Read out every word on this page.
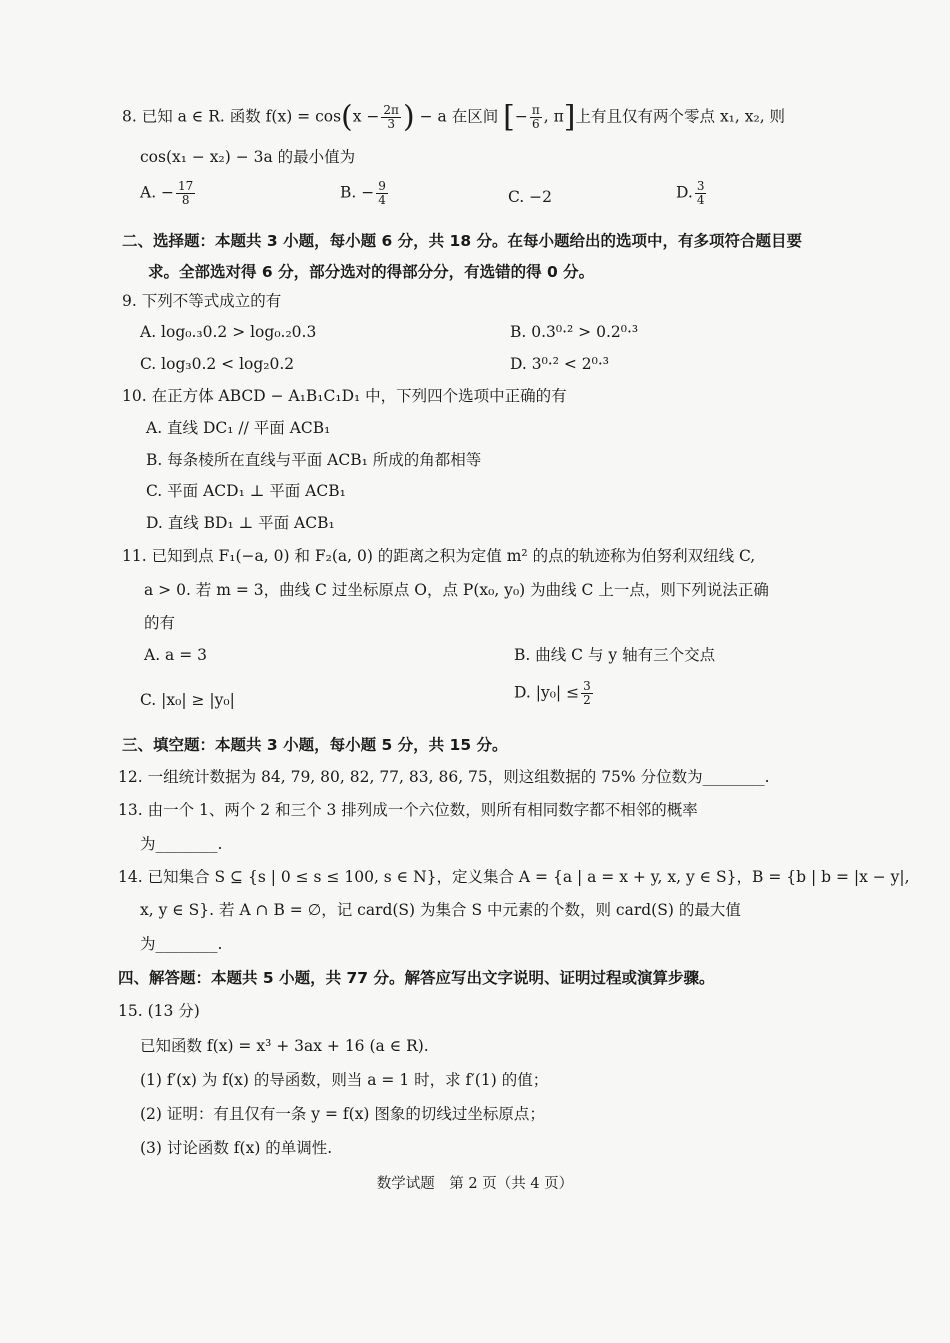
8. 已知 a ∈ R. 函数 $f(x) = \cos(x - \frac{2\pi}{3}$ ) − a 在区间 [− $\frac{\pi}{6}$ , π]上有且仅有两个零点 x₁, x₂, 则
cos(x₁ − x₂) − 3a 的最小值为
A. − $\frac{17}{8}$	B. − $\frac{9}{4}$	C. −2	D. $\frac{3}{4}$
二、选择题：本题共 3 小题，每小题 6 分，共 18 分。在每小题给出的选项中，有多项符合题目要
求。全部选对得 6 分，部分选对的得部分分，有选错的得 0 分。
9. 下列不等式成立的有
A. log₀.₃0.2 > log₀.₂0.3	B. 0.3⁰·² > 0.2⁰·³
C. log₃0.2 < log₂0.2	D. 3⁰·² < 2⁰·³
10. 在正方体 ABCD − A₁B₁C₁D₁ 中，下列四个选项中正确的有
A. 直线 DC₁ // 平面 ACB₁
B. 每条棱所在直线与平面 ACB₁ 所成的角都相等
C. 平面 ACD₁ ⊥ 平面 ACB₁
D. 直线 BD₁ ⊥ 平面 ACB₁
11. 已知到点 F₁(−a, 0) 和 F₂(a, 0) 的距离之积为定值 m² 的点的轨迹称为伯努利双纽线 C,
a > 0. 若 m = 3，曲线 C 过坐标原点 O，点 P(x₀, y₀) 为曲线 C 上一点，则下列说法正确
的有
A. a = 3	B. 曲线 C 与 y 轴有三个交点
C. |x₀| ≥ |y₀|	D. $|y_0| \le \frac{3}{2}$
三、填空题：本题共 3 小题，每小题 5 分，共 15 分。
12. 一组统计数据为 84, 79, 80, 82, 77, 83, 86, 75，则这组数据的 75% 分位数为________.
13. 由一个 1、两个 2 和三个 3 排列成一个六位数，则所有相同数字都不相邻的概率
为________.
14. 已知集合 S ⊆ {s | 0 ≤ s ≤ 100, s ∈ N}，定义集合 A = {a | a = x + y, x, y ∈ S}，B = {b | b = |x − y|,
x, y ∈ S}. 若 A ∩ B = ∅，记 card(S) 为集合 S 中元素的个数，则 card(S) 的最大值
为________.
四、解答题：本题共 5 小题，共 77 分。解答应写出文字说明、证明过程或演算步骤。
15. (13 分)
已知函数 f(x) = x³ + 3ax + 16 (a ∈ R).
(1) f′(x) 为 f(x) 的导函数，则当 a = 1 时，求 f′(1) 的值；
(2) 证明：有且仅有一条 y = f(x) 图象的切线过坐标原点；
(3) 讨论函数 f(x) 的单调性.
数学试题　第 2 页（共 4 页）
